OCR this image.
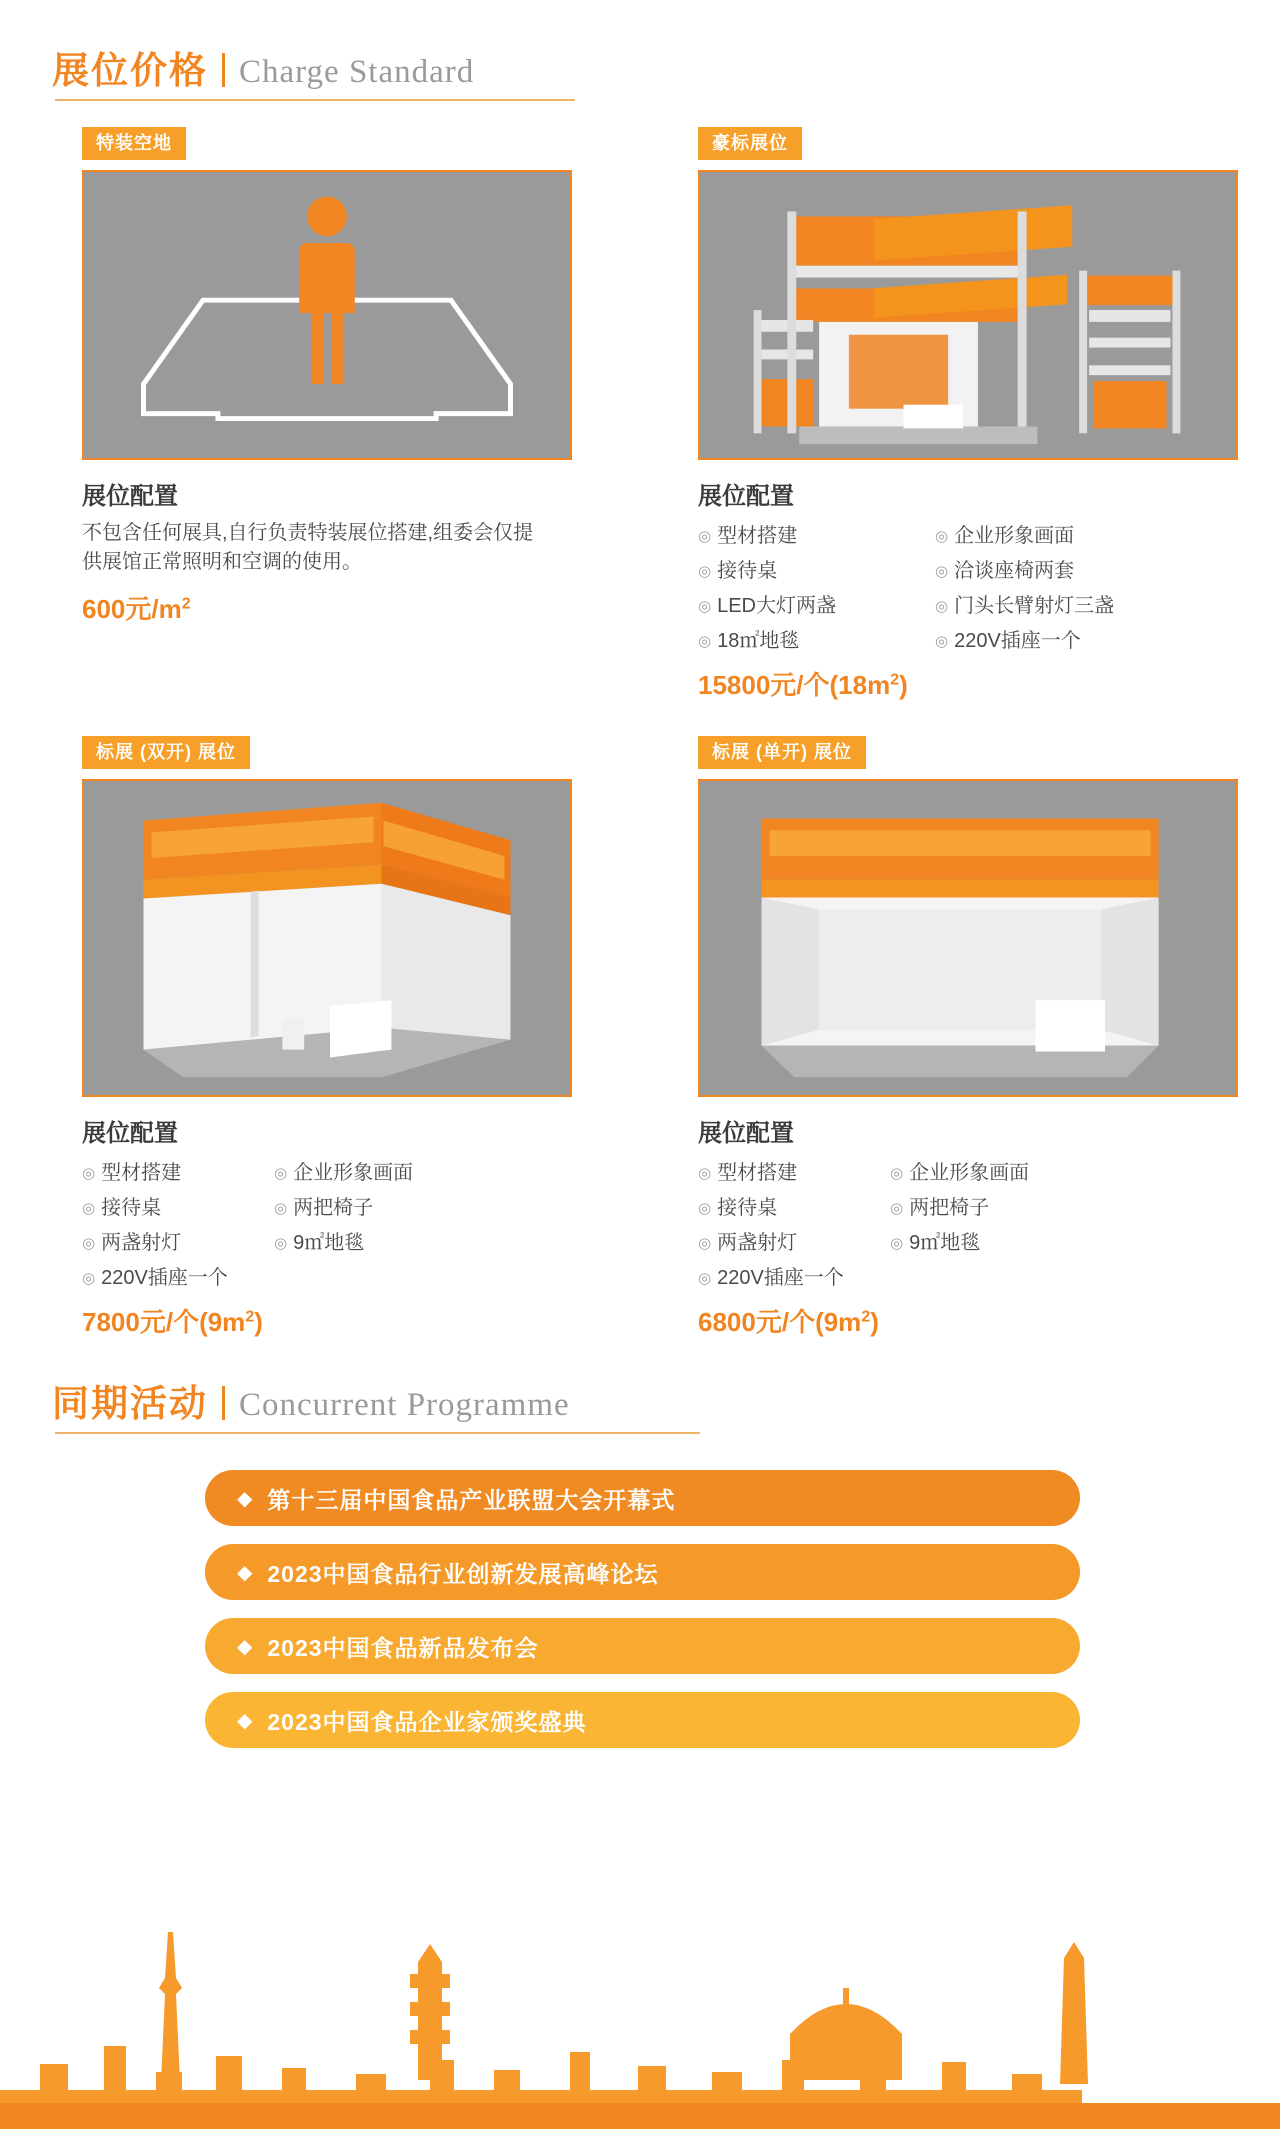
展位价格 Charge Standard
特装空地
展位配置
不包含任何展具,自行负责特装展位搭建,组委会仅提供展馆正常照明和空调的使用。
600元$/m^2$
豪标展位
展位配置
◎ 型材搭建	◎ 企业形象画面
◎ 接待桌	◎ 洽谈座椅两套
◎ LED大灯两盏	◎ 门头长臂射灯三盏
◎ 18㎡地毯	◎ 220V插座一个
15800元/个$(18m^2)$
标展 (双开) 展位
展位配置
◎ 型材搭建	◎ 企业形象画面
◎ 接待桌	◎ 两把椅子
◎ 两盏射灯	◎ 9㎡地毯
◎ 220V插座一个
7800元/个$(9m^2)$
标展 (单开) 展位
展位配置
◎ 型材搭建	◎ 企业形象画面
◎ 接待桌	◎ 两把椅子
◎ 两盏射灯	◎ 9㎡地毯
◎ 220V插座一个
6800元/个$(9m^2)$
同期活动 Concurrent Programme
◆ 第十三届中国食品产业联盟大会开幕式
◆ 2023中国食品行业创新发展高峰论坛
◆ 2023中国食品新品发布会
◆ 2023中国食品企业家颁奖盛典
